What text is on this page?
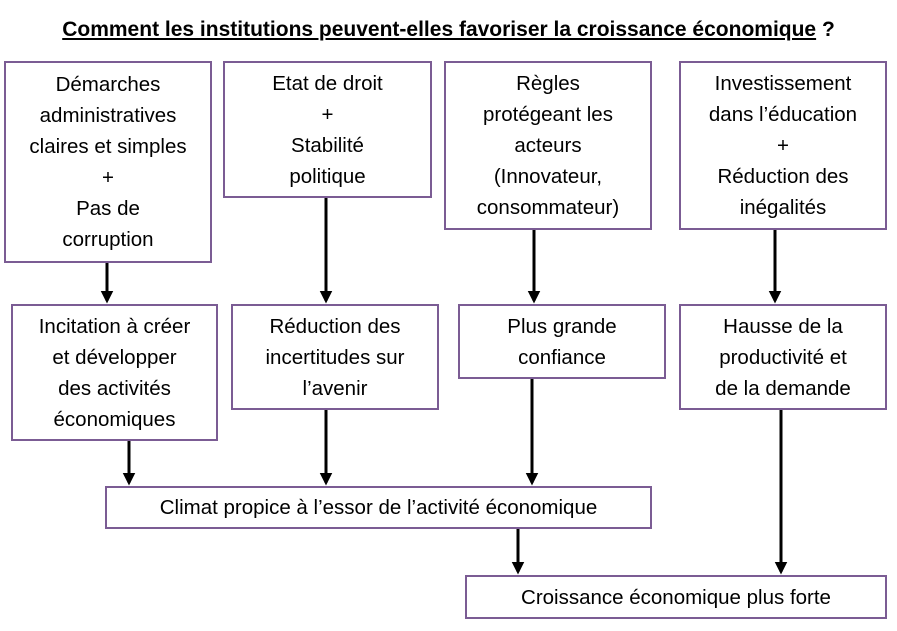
Comment les institutions peuvent-elles favoriser la croissance économique ?
Démarches
administratives
claires et simples
+
Pas de
corruption
Etat de droit
+
Stabilité
politique
Règles
protégeant les
acteurs
(Innovateur,
consommateur)
Investissement
dans l’éducation
+
Réduction des
inégalités
Incitation à créer
et développer
des activités
économiques
Réduction des
incertitudes sur
l’avenir
Plus grande
confiance
Hausse de la
productivité et
de la demande
Climat propice à l’essor de l’activité économique
Croissance économique plus forte
